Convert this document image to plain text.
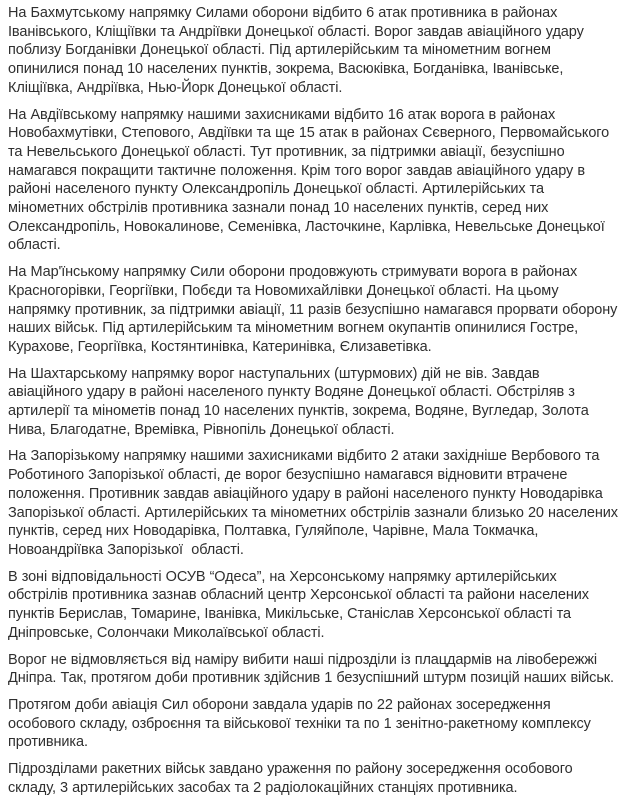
На Бахмутському напрямку Силами оборони відбито 6 атак противника в районах Іванівського, Кліщіївки та Андріївки Донецької області. Ворог завдав авіаційного удару поблизу Богданівки Донецької області. Під артилерійським та мінометним вогнем опинилися понад 10 населених пунктів, зокрема, Васюківка, Богданівка, Іванівське, Кліщіївка, Андріївка, Нью-Йорк Донецької області.

На Авдіївському напрямку нашими захисниками відбито 16 атак ворога в районах Новобахмутівки, Степового, Авдіївки та ще 15 атак в районах Сєверного, Первомайського та Невельського Донецької області. Тут противник, за підтримки авіації, безуспішно намагався покращити тактичне положення. Крім того ворог завдав авіаційного удару в районі населеного пункту Олександропіль Донецької області. Артилерійських та мінометних обстрілів противника зазнали понад 10 населених пунктів, серед них Олександропіль, Новокалинове, Семенівка, Ласточкине, Карлівка, Невельське Донецької області.

На Мар'їнському напрямку Сили оборони продовжують стримувати ворога в районах Красногорівки, Георгіївки, Побєди та Новомихайлівки Донецької області. На цьому напрямку противник, за підтримки авіації, 11 разів безуспішно намагався прорвати оборону наших військ. Під артилерійським та мінометним вогнем окупантів опинилися Гостре, Курахове, Георгіївка, Костянтинівка, Катеринівка, Єлизаветівка.

На Шахтарському напрямку ворог наступальних (штурмових) дій не вів. Завдав авіаційного удару в районі населеного пункту Водяне Донецької області. Обстріляв з артилерії та мінометів понад 10 населених пунктів, зокрема, Водяне, Вугледар, Золота Нива, Благодатне, Времівка, Рівнопіль Донецької області.

На Запорізькому напрямку нашими захисниками відбито 2 атаки західніше Вербового та Роботиного Запорізької області, де ворог безуспішно намагався відновити втрачене положення. Противник завдав авіаційного удару в районі населеного пункту Новодарівка Запорізької області. Артилерійських та мінометних обстрілів зазнали близько 20 населених пунктів, серед них Новодарівка, Полтавка, Гуляйполе, Чарівне, Мала Токмачка, Новоандріївка Запорізької  області.

В зоні відповідальності ОСУВ “Одеса”, на Херсонському напрямку артилерійських обстрілів противника зазнав обласний центр Херсонської області та райони населених пунктів Берислав, Томарине, Іванівка, Микільське, Станіслав Херсонської області та Дніпровське, Солончаки Миколаївської області.

Ворог не відмовляється від наміру вибити наші підрозділи із плацдармів на лівобережжі Дніпра. Так, протягом доби противник здійснив 1 безуспішний штурм позицій наших військ.

Протягом доби авіація Сил оборони завдала ударів по 22 районах зосередження особового складу, озброєння та військової техніки та по 1 зенітно-ракетному комплексу противника.

Підрозділами ракетних військ завдано ураження по району зосередження особового складу, 3 артилерійських засобах та 2 радіолокаційних станціях противника.
